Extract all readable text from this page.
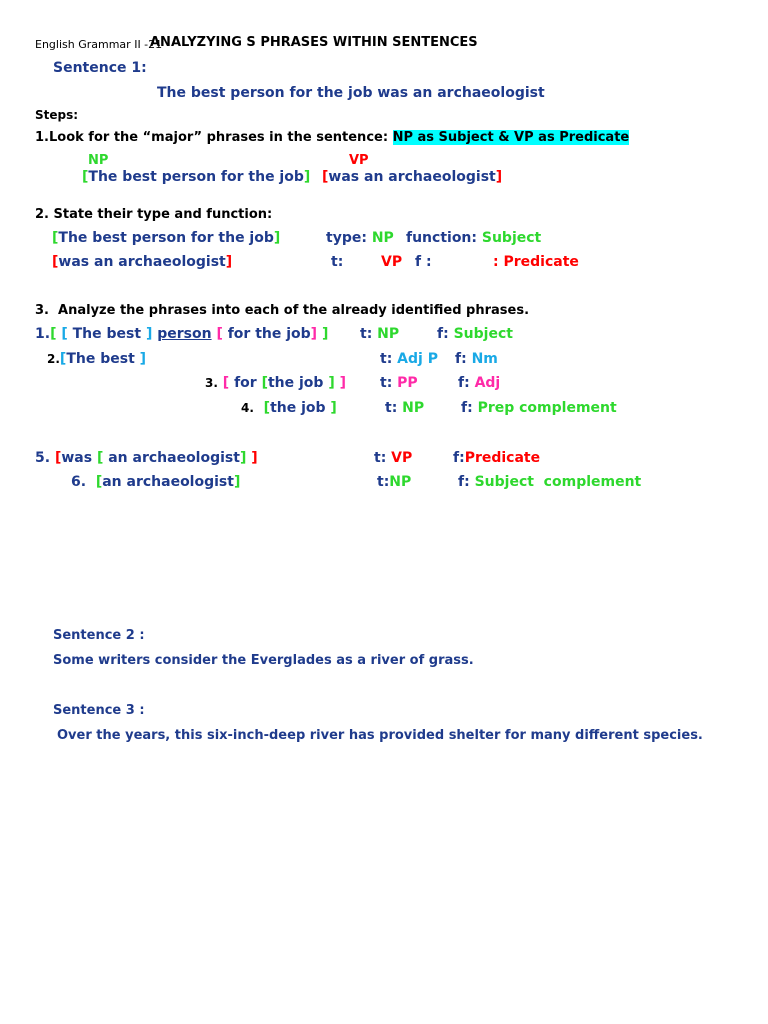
English Grammar II -21
ANALYZYING S PHRASES WITHIN SENTENCES
Sentence 1:
The best person for the job was an archaeologist
Steps:
1.Look for the “major” phrases in the sentence: NP as Subject & VP as Predicate
NP	VP
[The best person for the job] [was an archaeologist]
2. State their type and function:
[The best person for the job]	type: NP function: Subject
[was an archaeologist]	t:	VP f :	: Predicate
3.  Analyze the phrases into each of the already identified phrases.
1.[ [ The best ] person [ for the job] ] t: NP	f: Subject
2.[The best ]	t: Adj P f: Nm
3. [ for [the job ] ] t: PP	f: Adj
4. [the job ]	t: NP	f: Prep complement
5. [was [ an archaeologist] ]	t: VP	f:Predicate
6. [an archaeologist]	t:NP	f: Subject  complement
Sentence 2 :
Some writers consider the Everglades as a river of grass.
Sentence 3 :
Over the years, this six-inch-deep river has provided shelter for many different species.
